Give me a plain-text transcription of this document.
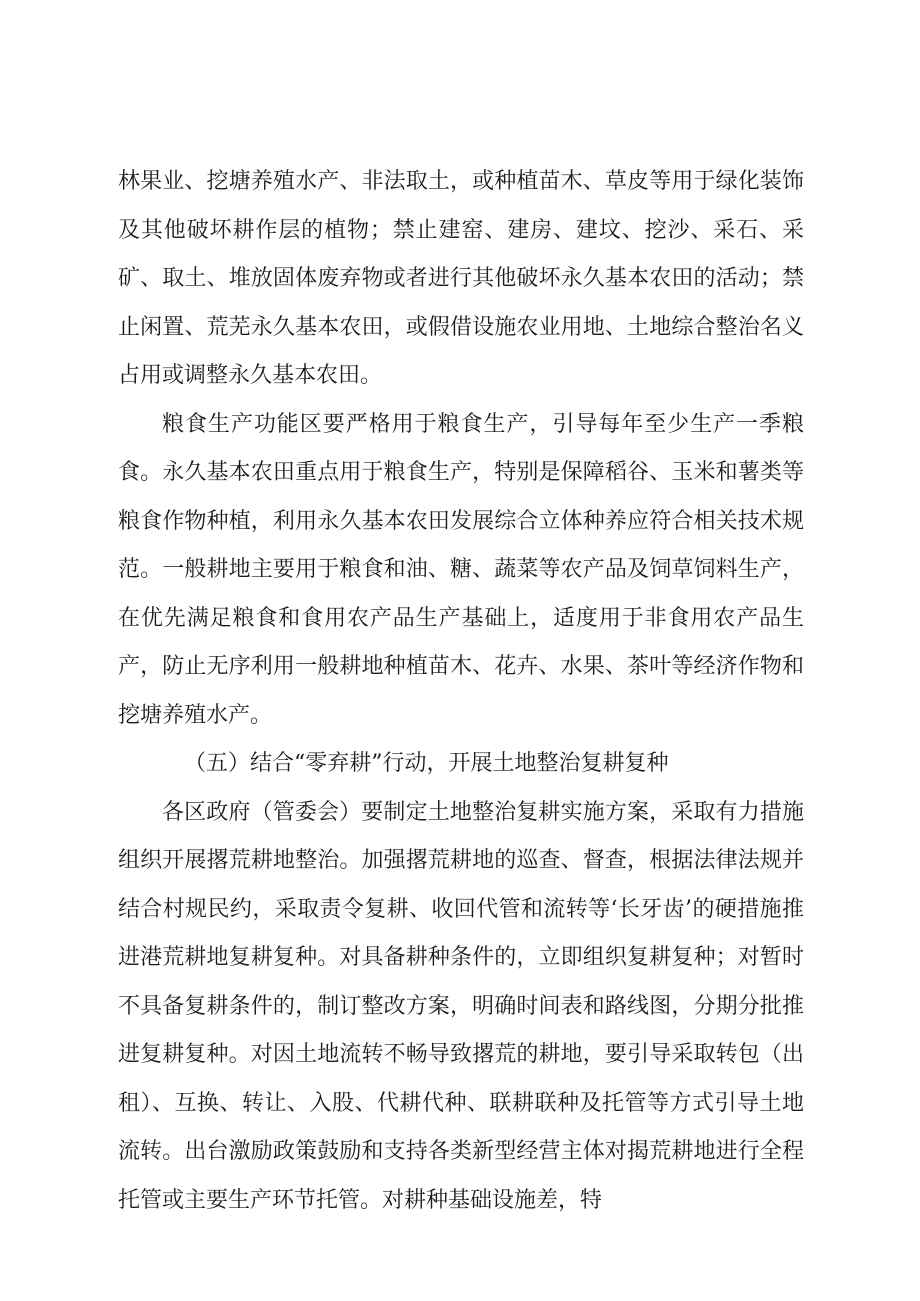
林果业、挖塘养殖水产、非法取土，或种植苗木、草皮等用于绿化装饰及其他破坏耕作层的植物；禁止建窑、建房、建坟、挖沙、采石、采矿、取土、堆放固体废弃物或者进行其他破坏永久基本农田的活动；禁止闲置、荒芜永久基本农田，或假借设施农业用地、土地综合整治名义占用或调整永久基本农田。

粮食生产功能区要严格用于粮食生产，引导每年至少生产一季粮食。永久基本农田重点用于粮食生产，特别是保障稻谷、玉米和薯类等粮食作物种植，利用永久基本农田发展综合立体种养应符合相关技术规范。一般耕地主要用于粮食和油、糖、蔬菜等农产品及饲草饲料生产，在优先满足粮食和食用农产品生产基础上，适度用于非食用农产品生产，防止无序利用一般耕地种植苗木、花卉、水果、茶叶等经济作物和挖塘养殖水产。

（五）结合“零弃耕”行动，开展土地整治复耕复种

各区政府（管委会）要制定土地整治复耕实施方案，采取有力措施组织开展撂荒耕地整治。加强撂荒耕地的巡查、督查，根据法律法规并结合村规民约，采取责令复耕、收回代管和流转等‘长牙齿’的硬措施推进港荒耕地复耕复种。对具备耕种条件的，立即组织复耕复种；对暂时不具备复耕条件的，制订整改方案，明确时间表和路线图，分期分批推进复耕复种。对因土地流转不畅导致撂荒的耕地，要引导采取转包（出租）、互换、转让、入股、代耕代种、联耕联种及托管等方式引导土地流转。出台激励政策鼓励和支持各类新型经营主体对揭荒耕地进行全程托管或主要生产环节托管。对耕种基础设施差，特
